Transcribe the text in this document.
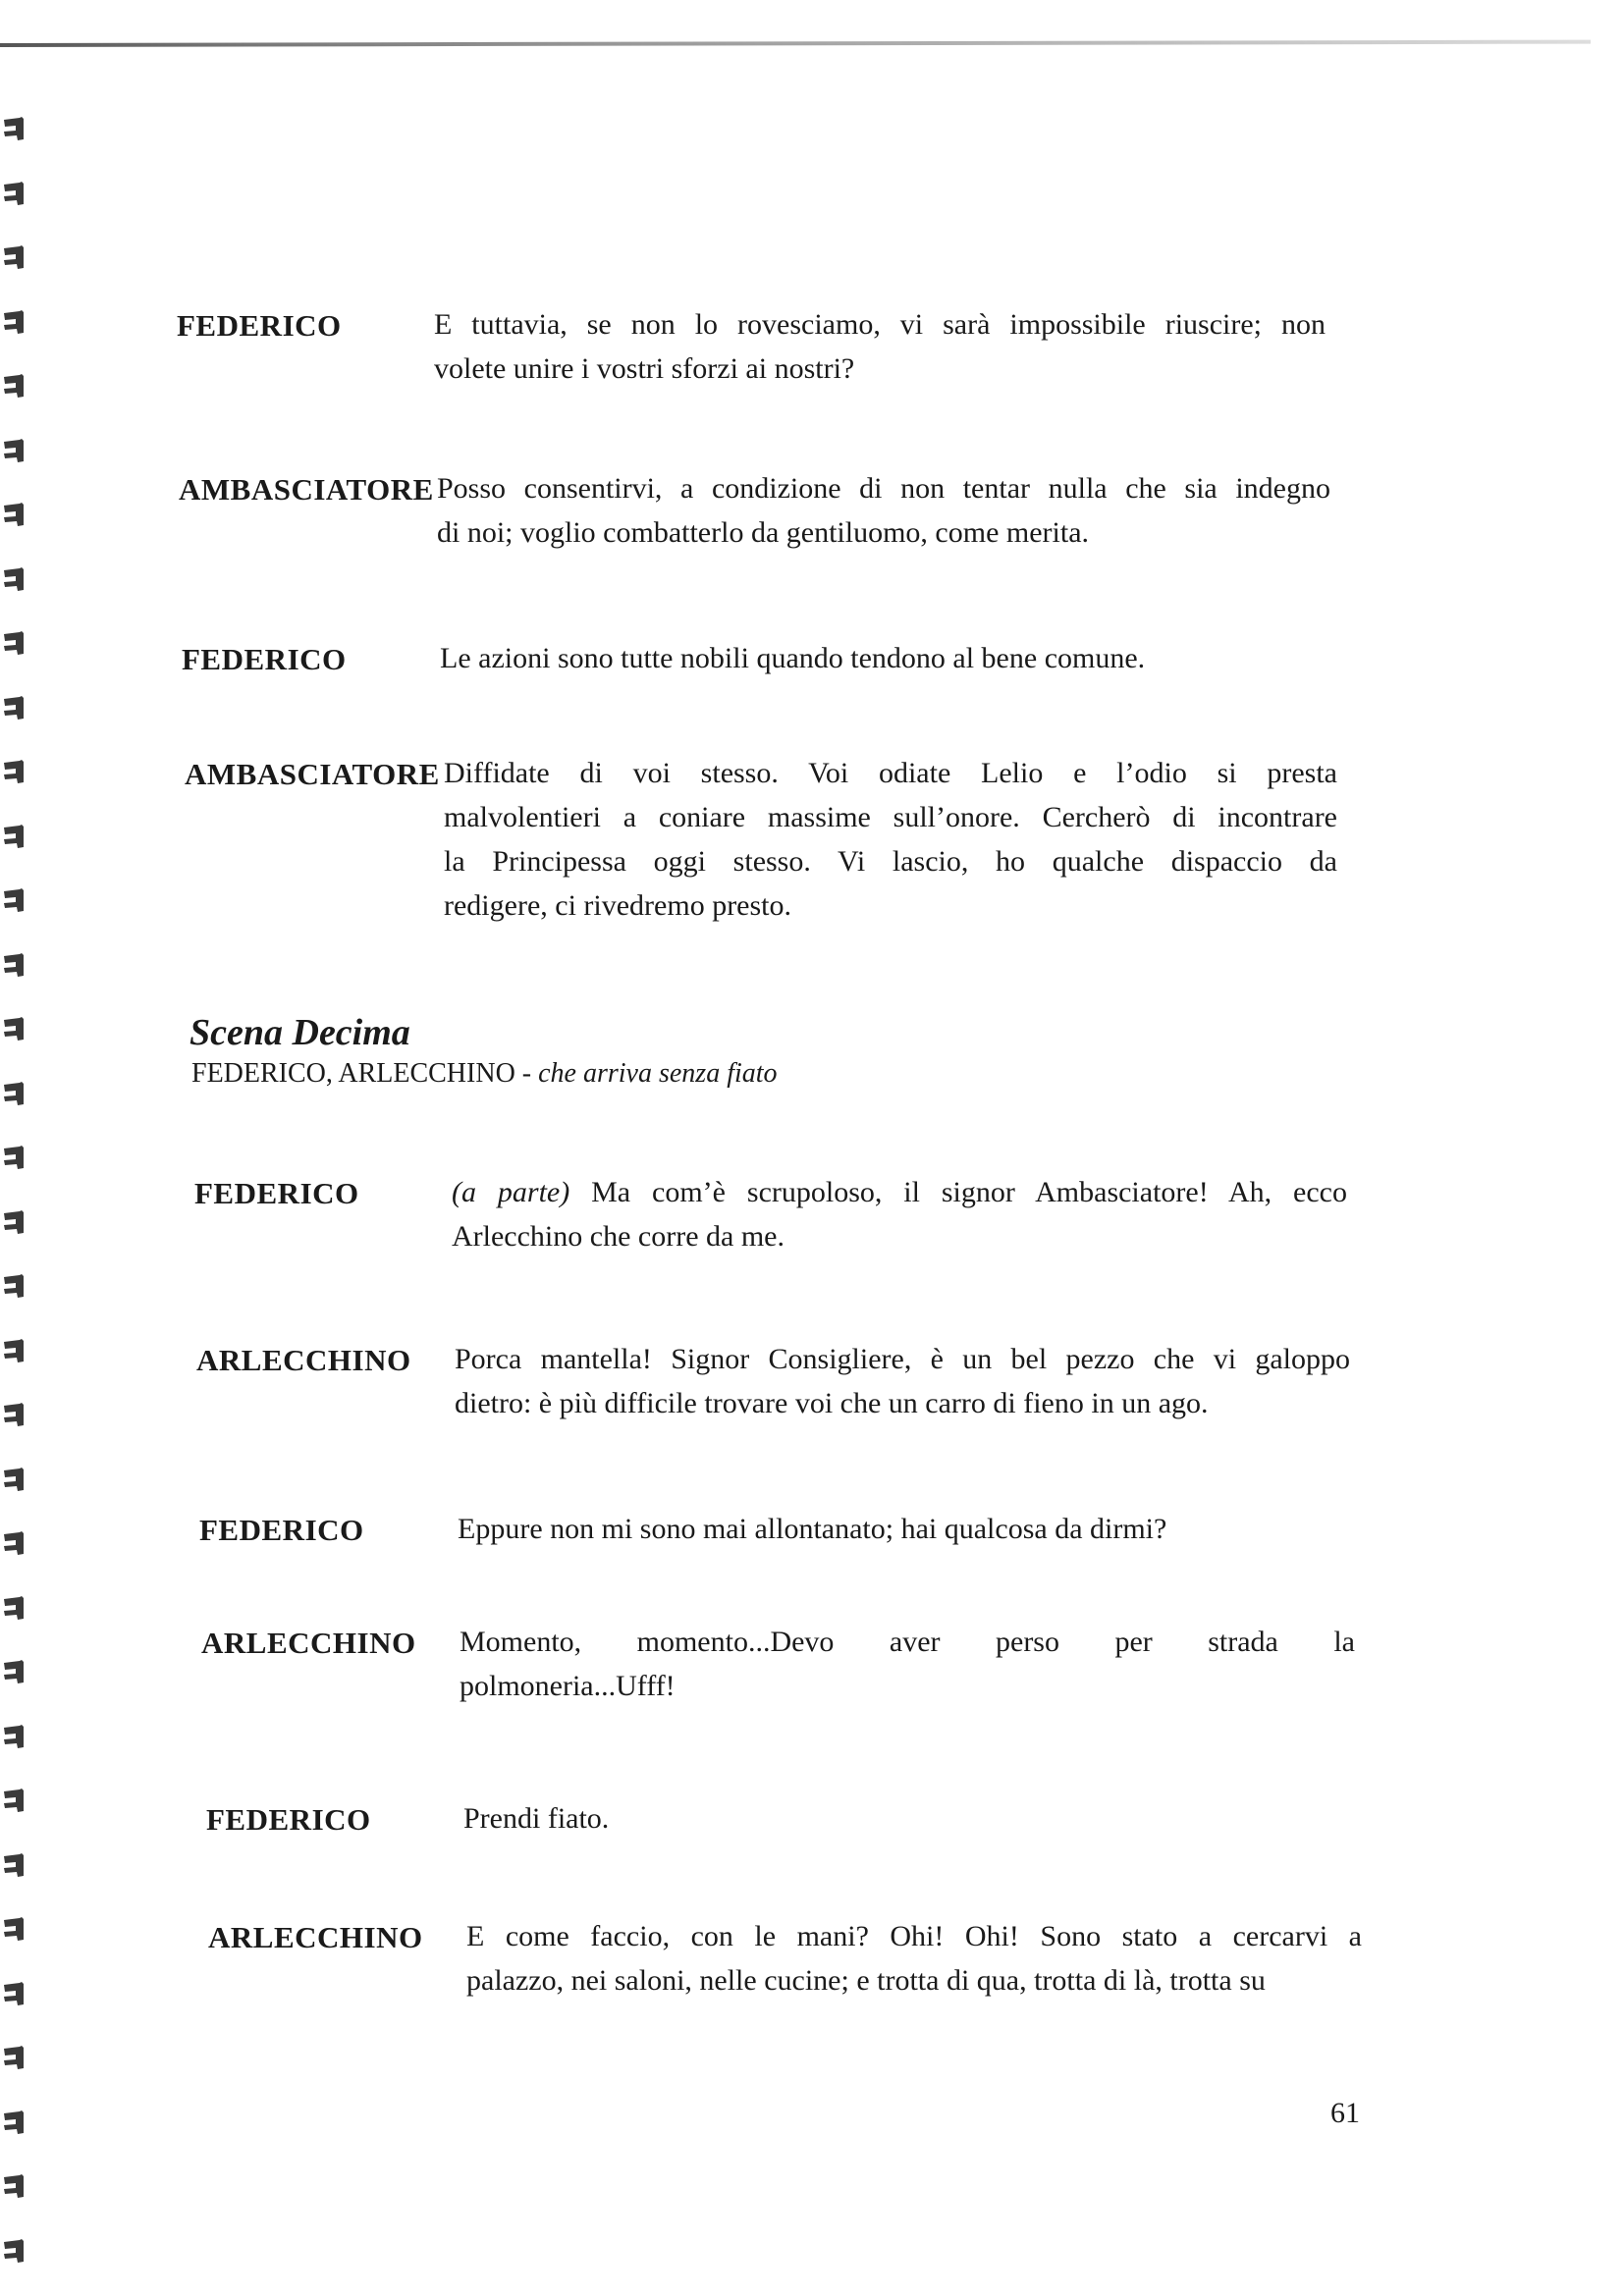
FEDERICO	E tuttavia, se non lo rovesciamo, vi sarà impossibile riuscire; non
volete unire i vostri sforzi ai nostri?
AMBASCIATORE Posso consentirvi, a condizione di non tentar nulla che sia indegno
di noi; voglio combatterlo da gentiluomo, come merita.
FEDERICO	Le azioni sono tutte nobili quando tendono al bene comune.
AMBASCIATORE Diffidate di voi stesso. Voi odiate Lelio e l’odio si presta
malvolentieri a coniare massime sull’onore. Cercherò di incontrare
la Principessa oggi stesso. Vi lascio, ho qualche dispaccio da
redigere, ci rivedremo presto.
Scena Decima
FEDERICO, ARLECCHINO - che arriva senza fiato
FEDERICO	(a parte) Ma com’è scrupoloso, il signor Ambasciatore! Ah, ecco
Arlecchino che corre da me.
ARLECCHINO Porca mantella! Signor Consigliere, è un bel pezzo che vi galoppo
dietro: è più difficile trovare voi che un carro di fieno in un ago.
FEDERICO	Eppure non mi sono mai allontanato; hai qualcosa da dirmi?
ARLECCHINO Momento, momento...Devo aver perso per strada la
polmoneria...Ufff!
FEDERICO	Prendi fiato.
ARLECCHINO E come faccio, con le mani? Ohi! Ohi! Sono stato a cercarvi a
palazzo, nei saloni, nelle cucine; e trotta di qua, trotta di là, trotta su
61
